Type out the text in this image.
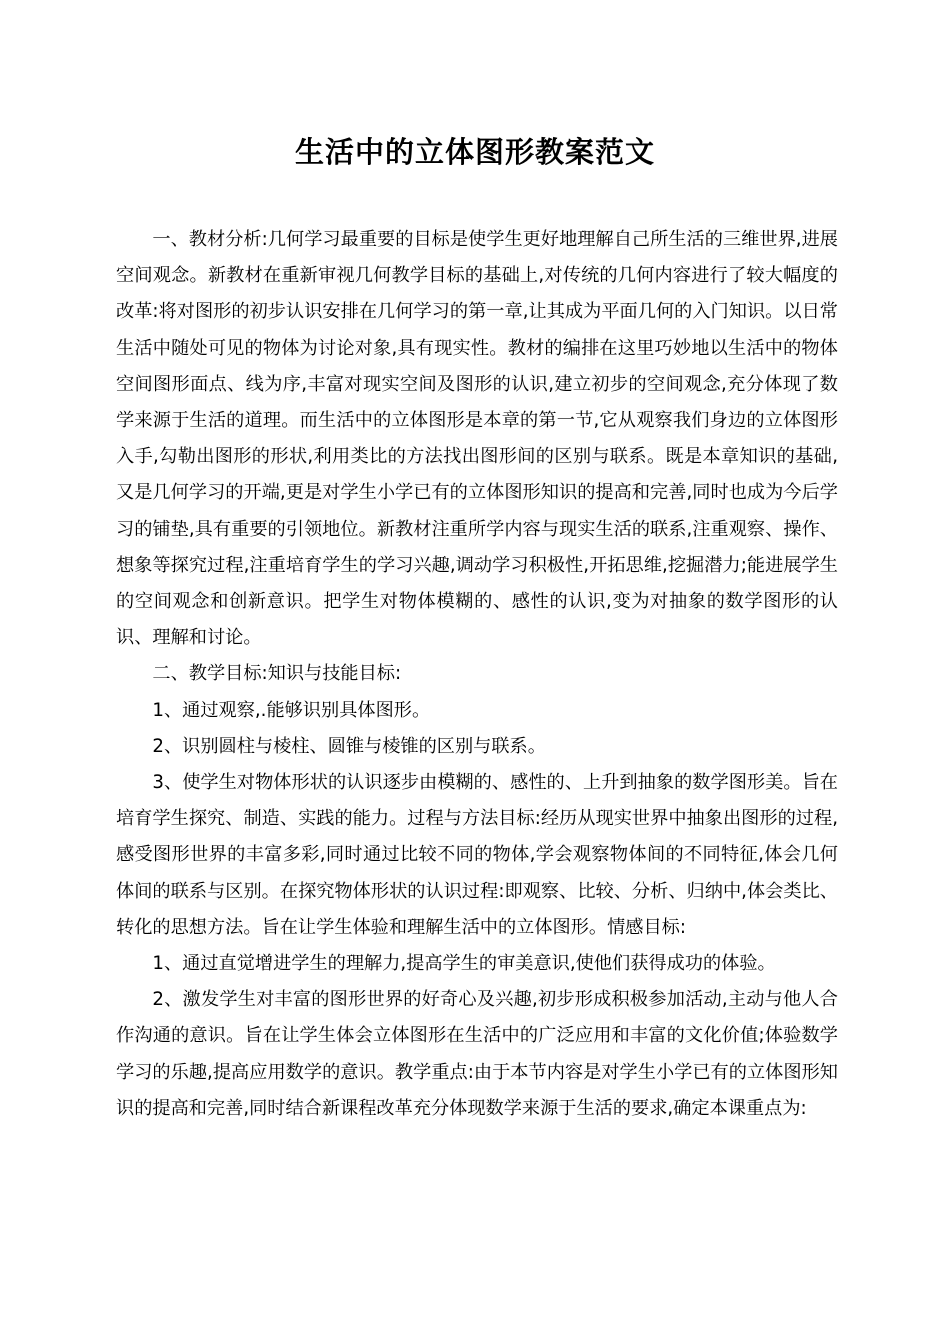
生活中的立体图形教案范文

一、教材分析:几何学习最重要的目标是使学生更好地理解自己所生活的三维世界,进展空间观念。新教材在重新审视几何教学目标的基础上,对传统的几何内容进行了较大幅度的改革:将对图形的初步认识安排在几何学习的第一章,让其成为平面几何的入门知识。以日常生活中随处可见的物体为讨论对象,具有现实性。教材的编排在这里巧妙地以生活中的物体空间图形面点、线为序,丰富对现实空间及图形的认识,建立初步的空间观念,充分体现了数学来源于生活的道理。而生活中的立体图形是本章的第一节,它从观察我们身边的立体图形入手,勾勒出图形的形状,利用类比的方法找出图形间的区别与联系。既是本章知识的基础,又是几何学习的开端,更是对学生小学已有的立体图形知识的提高和完善,同时也成为今后学习的铺垫,具有重要的引领地位。新教材注重所学内容与现实生活的联系,注重观察、操作、想象等探究过程,注重培育学生的学习兴趣,调动学习积极性,开拓思维,挖掘潜力;能进展学生的空间观念和创新意识。把学生对物体模糊的、感性的认识,变为对抽象的数学图形的认识、理解和讨论。

二、教学目标:知识与技能目标:

1、通过观察,.能够识别具体图形。

2、识别圆柱与棱柱、圆锥与棱锥的区别与联系。

3、使学生对物体形状的认识逐步由模糊的、感性的、上升到抽象的数学图形美。旨在培育学生探究、制造、实践的能力。过程与方法目标:经历从现实世界中抽象出图形的过程,感受图形世界的丰富多彩,同时通过比较不同的物体,学会观察物体间的不同特征,体会几何体间的联系与区别。在探究物体形状的认识过程:即观察、比较、分析、归纳中,体会类比、转化的思想方法。旨在让学生体验和理解生活中的立体图形。情感目标:

1、通过直觉增进学生的理解力,提高学生的审美意识,使他们获得成功的体验。

2、激发学生对丰富的图形世界的好奇心及兴趣,初步形成积极参加活动,主动与他人合作沟通的意识。旨在让学生体会立体图形在生活中的广泛应用和丰富的文化价值;体验数学学习的乐趣,提高应用数学的意识。教学重点:由于本节内容是对学生小学已有的立体图形知识的提高和完善,同时结合新课程改革充分体现数学来源于生活的要求,确定本课重点为:
